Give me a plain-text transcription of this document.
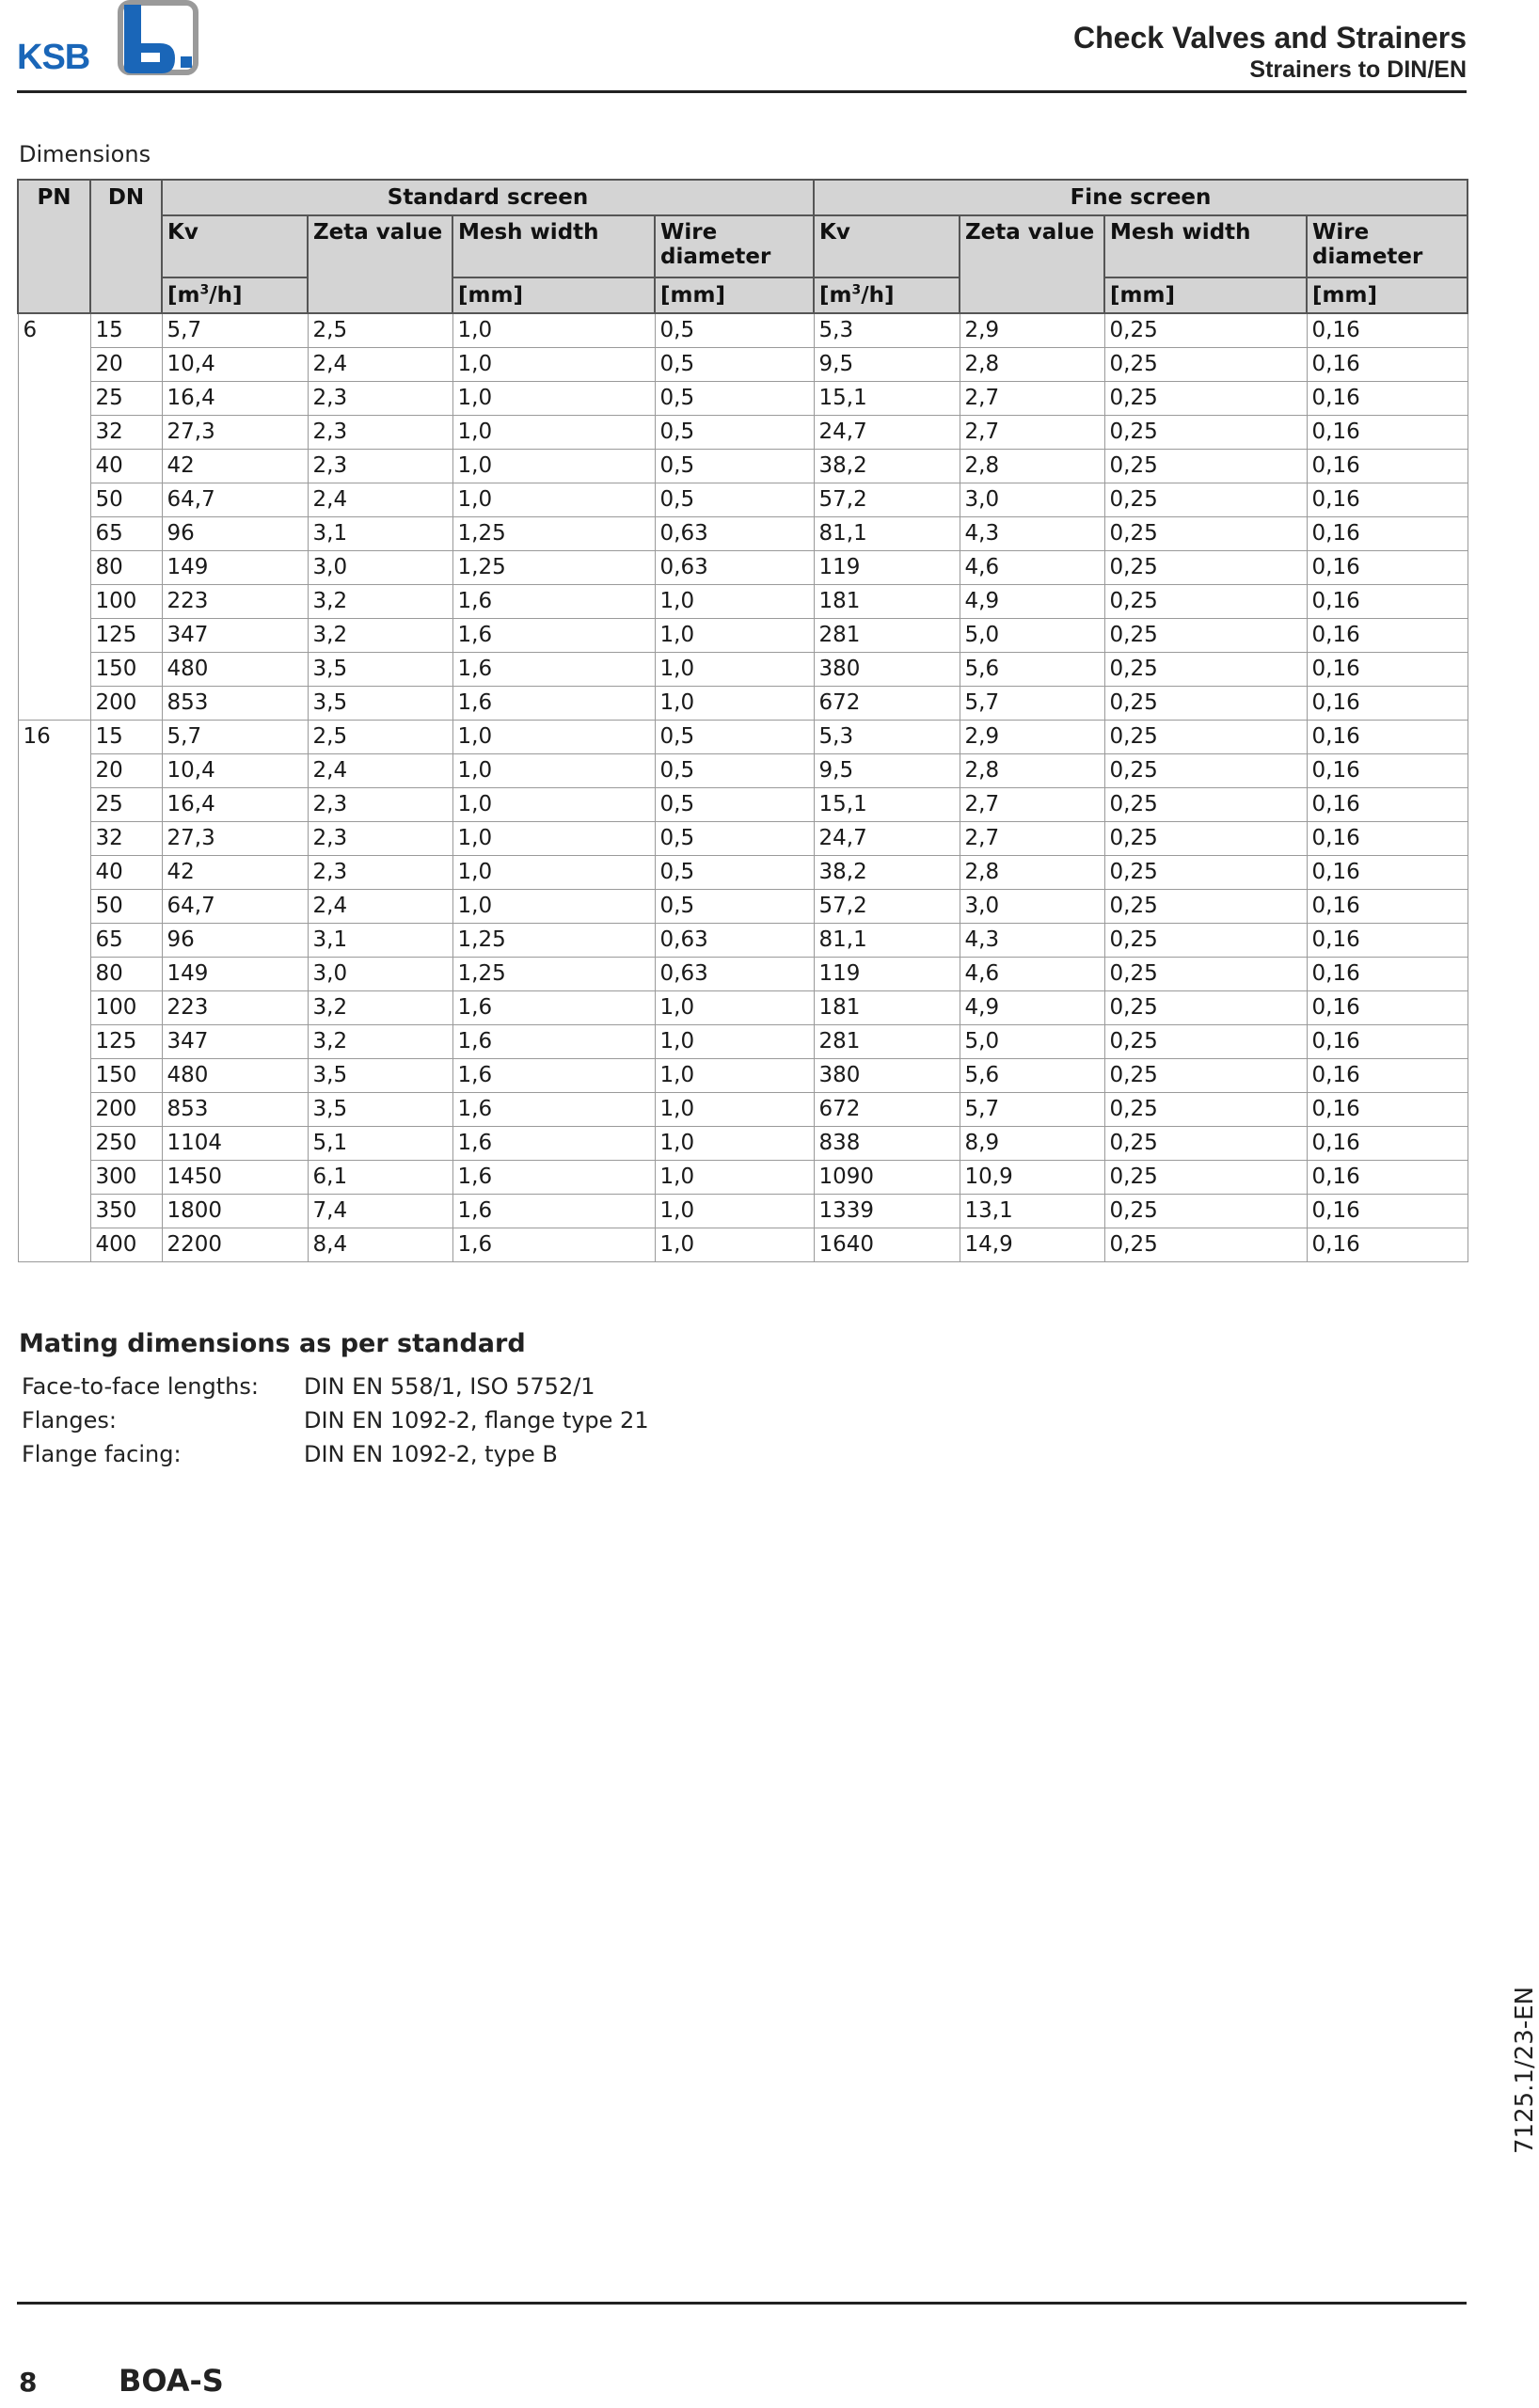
KSB	Check Valves and Strainers
Strainers to DIN/EN
Dimensions
PN	DN	Standard screen				Fine screen			
		Kv	Zeta value	Mesh width	Wire diameter	Kv	Zeta value	Mesh width	Wire diameter
		$[m^3/h]$		[mm]	[mm]	$[m^3/h]$		[mm]	[mm]
6	15	5,7	2,5	1,0	0,5	5,3	2,9	0,25	0,16
	20	10,4	2,4	1,0	0,5	9,5	2,8	0,25	0,16
	25	16,4	2,3	1,0	0,5	15,1	2,7	0,25	0,16
	32	27,3	2,3	1,0	0,5	24,7	2,7	0,25	0,16
	40	42	2,3	1,0	0,5	38,2	2,8	0,25	0,16
	50	64,7	2,4	1,0	0,5	57,2	3,0	0,25	0,16
	65	96	3,1	1,25	0,63	81,1	4,3	0,25	0,16
	80	149	3,0	1,25	0,63	119	4,6	0,25	0,16
	100	223	3,2	1,6	1,0	181	4,9	0,25	0,16
	125	347	3,2	1,6	1,0	281	5,0	0,25	0,16
	150	480	3,5	1,6	1,0	380	5,6	0,25	0,16
	200	853	3,5	1,6	1,0	672	5,7	0,25	0,16
16	15	5,7	2,5	1,0	0,5	5,3	2,9	0,25	0,16
	20	10,4	2,4	1,0	0,5	9,5	2,8	0,25	0,16
	25	16,4	2,3	1,0	0,5	15,1	2,7	0,25	0,16
	32	27,3	2,3	1,0	0,5	24,7	2,7	0,25	0,16
	40	42	2,3	1,0	0,5	38,2	2,8	0,25	0,16
	50	64,7	2,4	1,0	0,5	57,2	3,0	0,25	0,16
	65	96	3,1	1,25	0,63	81,1	4,3	0,25	0,16
	80	149	3,0	1,25	0,63	119	4,6	0,25	0,16
	100	223	3,2	1,6	1,0	181	4,9	0,25	0,16
	125	347	3,2	1,6	1,0	281	5,0	0,25	0,16
	150	480	3,5	1,6	1,0	380	5,6	0,25	0,16
	200	853	3,5	1,6	1,0	672	5,7	0,25	0,16
	250	1104	5,1	1,6	1,0	838	8,9	0,25	0,16
	300	1450	6,1	1,6	1,0	1090	10,9	0,25	0,16
	350	1800	7,4	1,6	1,0	1339	13,1	0,25	0,16
	400	2200	8,4	1,6	1,0	1640	14,9	0,25	0,16
Mating dimensions as per standard
Face-to-face lengths: DIN EN 558/1, ISO 5752/1
Flanges:	DIN EN 1092-2, flange type 21
Flange facing:	DIN EN 1092-2, type B
7125.1/23-EN
8	BOA-S
